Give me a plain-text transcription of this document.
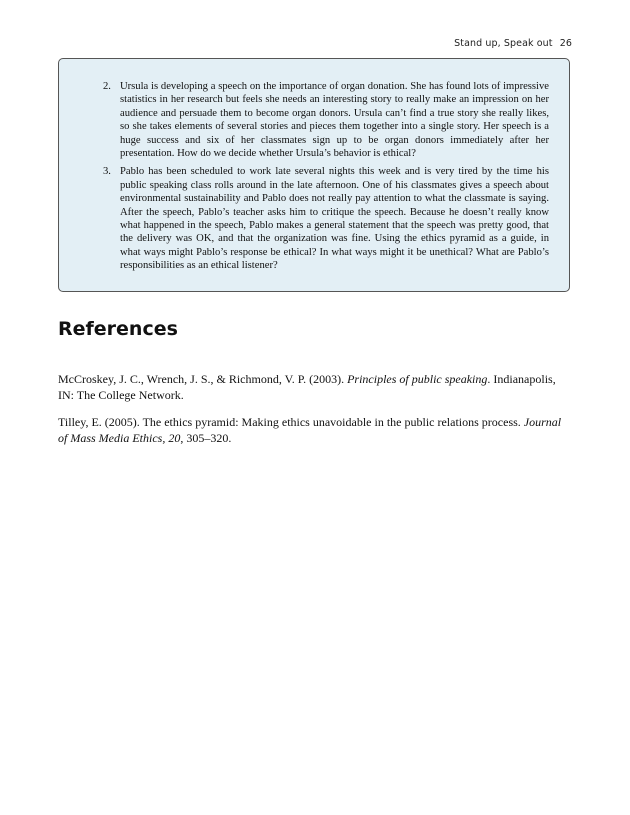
Stand up, Speak out 26
2. Ursula is developing a speech on the importance of organ donation. She has found lots of impressive statistics in her research but feels she needs an interesting story to really make an impression on her audience and persuade them to become organ donors. Ursula can’t find a true story she really likes, so she takes elements of several stories and pieces them together into a single story. Her speech is a huge success and six of her classmates sign up to be organ donors immediately after her presentation. How do we decide whether Ursula’s behavior is ethical?
3. Pablo has been scheduled to work late several nights this week and is very tired by the time his public speaking class rolls around in the late afternoon. One of his classmates gives a speech about environmental sustainability and Pablo does not really pay attention to what the classmate is saying. After the speech, Pablo’s teacher asks him to critique the speech. Because he doesn’t really know what happened in the speech, Pablo makes a general statement that the speech was pretty good, that the delivery was OK, and that the organization was fine. Using the ethics pyramid as a guide, in what ways might Pablo’s response be ethical? In what ways might it be unethical? What are Pablo’s responsibilities as an ethical listener?
References

McCroskey, J. C., Wrench, J. S., & Richmond, V. P. (2003). Principles of public speaking. Indianapolis, IN: The College Network.

Tilley, E. (2005). The ethics pyramid: Making ethics unavoidable in the public relations process. Journal of Mass Media Ethics, 20, 305–320.
